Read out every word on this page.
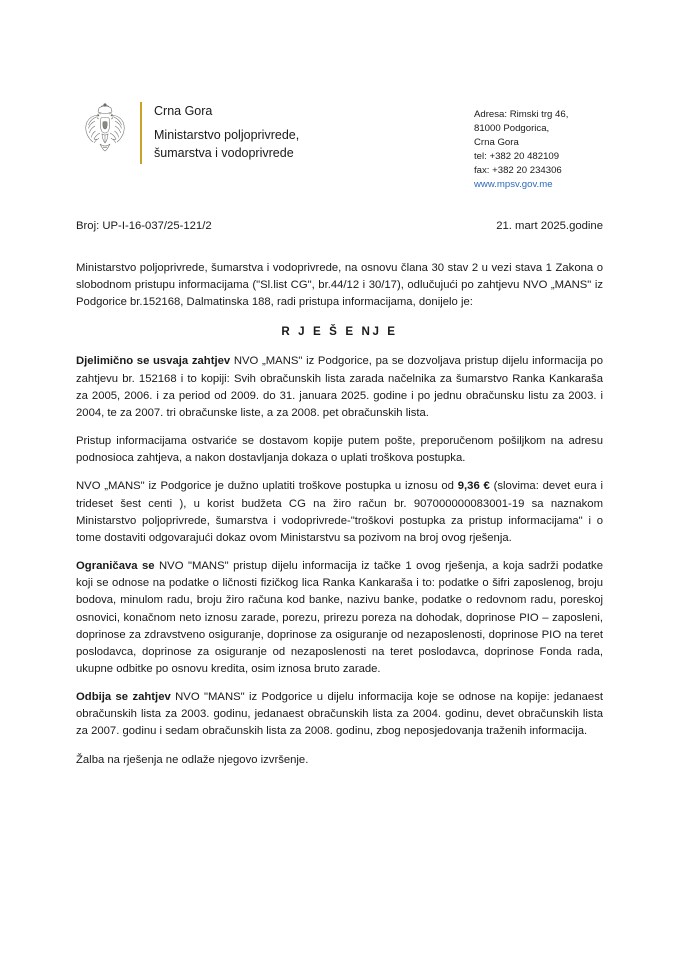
Crna Gora
Ministarstvo poljoprivrede,
šumarstva i vodoprivrede
Adresa: Rimski trg 46,
81000 Podgorica,
Crna Gora
tel: +382 20 482109
fax: +382 20 234306
www.mpsv.gov.me
Broj: UP-I-16-037/25-121/2	21. mart 2025.godine

Ministarstvo poljoprivrede, šumarstva i vodoprivrede, na osnovu člana 30 stav 2 u vezi stava 1 Zakona o slobodnom pristupu informacijama ("Sl.list CG", br.44/12 i 30/17), odlučujući po zahtjevu NVO „MANS" iz Podgorice br.152168, Dalmatinska 188, radi pristupa informacijama, donijelo je:

R J E Š E NJ E

Djelimično se usvaja zahtjev NVO „MANS" iz Podgorice, pa se dozvoljava pristup dijelu informacija po zahtjevu br. 152168 i to kopiji: Svih obračunskih lista zarada načelnika za šumarstvo Ranka Kankaraša za 2005, 2006. i za period od 2009. do 31. januara 2025. godine i po jednu obračunsku listu za 2003. i 2004, te za 2007. tri obračunske liste, a za 2008. pet obračunskih lista.

Pristup informacijama ostvariće se dostavom kopije putem pošte, preporučenom pošiljkom na adresu podnosioca zahtjeva, a nakon dostavljanja dokaza o uplati troškova postupka.

NVO „MANS" iz Podgorice je dužno uplatiti troškove postupka u iznosu od 9,36 € (slovima: devet eura i trideset šest centi ), u korist budžeta CG na žiro račun br. 907000000083001-19 sa naznakom Ministarstvo poljoprivrede, šumarstva i vodoprivrede-"troškovi postupka za pristup informacijama" i o tome dostaviti odgovarajući dokaz ovom Ministarstvu sa pozivom na broj ovog rješenja.

Ograničava se NVO "MANS" pristup dijelu informacija iz tačke 1 ovog rješenja, a koja sadrži podatke koji se odnose na podatke o ličnosti fizičkog lica Ranka Kankaraša i to: podatke o šifri zaposlenog, broju bodova, minulom radu, broju žiro računa kod banke, nazivu banke, podatke o redovnom radu, poreskoj osnovici, konačnom neto iznosu zarade, porezu, prirezu poreza na dohodak, doprinose PIO – zaposleni, doprinose za zdravstveno osiguranje, doprinose za osiguranje od nezaposlenosti, doprinose PIO na teret poslodavca, doprinose za osiguranje od nezaposlenosti na teret poslodavca, doprinose Fonda rada, ukupne odbitke po osnovu kredita, osim iznosa bruto zarade.

Odbija se zahtjev NVO "MANS" iz Podgorice u dijelu informacija koje se odnose na kopije: jedanaest obračunskih lista za 2003. godinu, jedanaest obračunskih lista za 2004. godinu, devet obračunskih lista za 2007. godinu i sedam obračunskih lista za 2008. godinu, zbog neposjedovanja traženih informacija.

Žalba na rješenja ne odlaže njegovo izvršenje.
